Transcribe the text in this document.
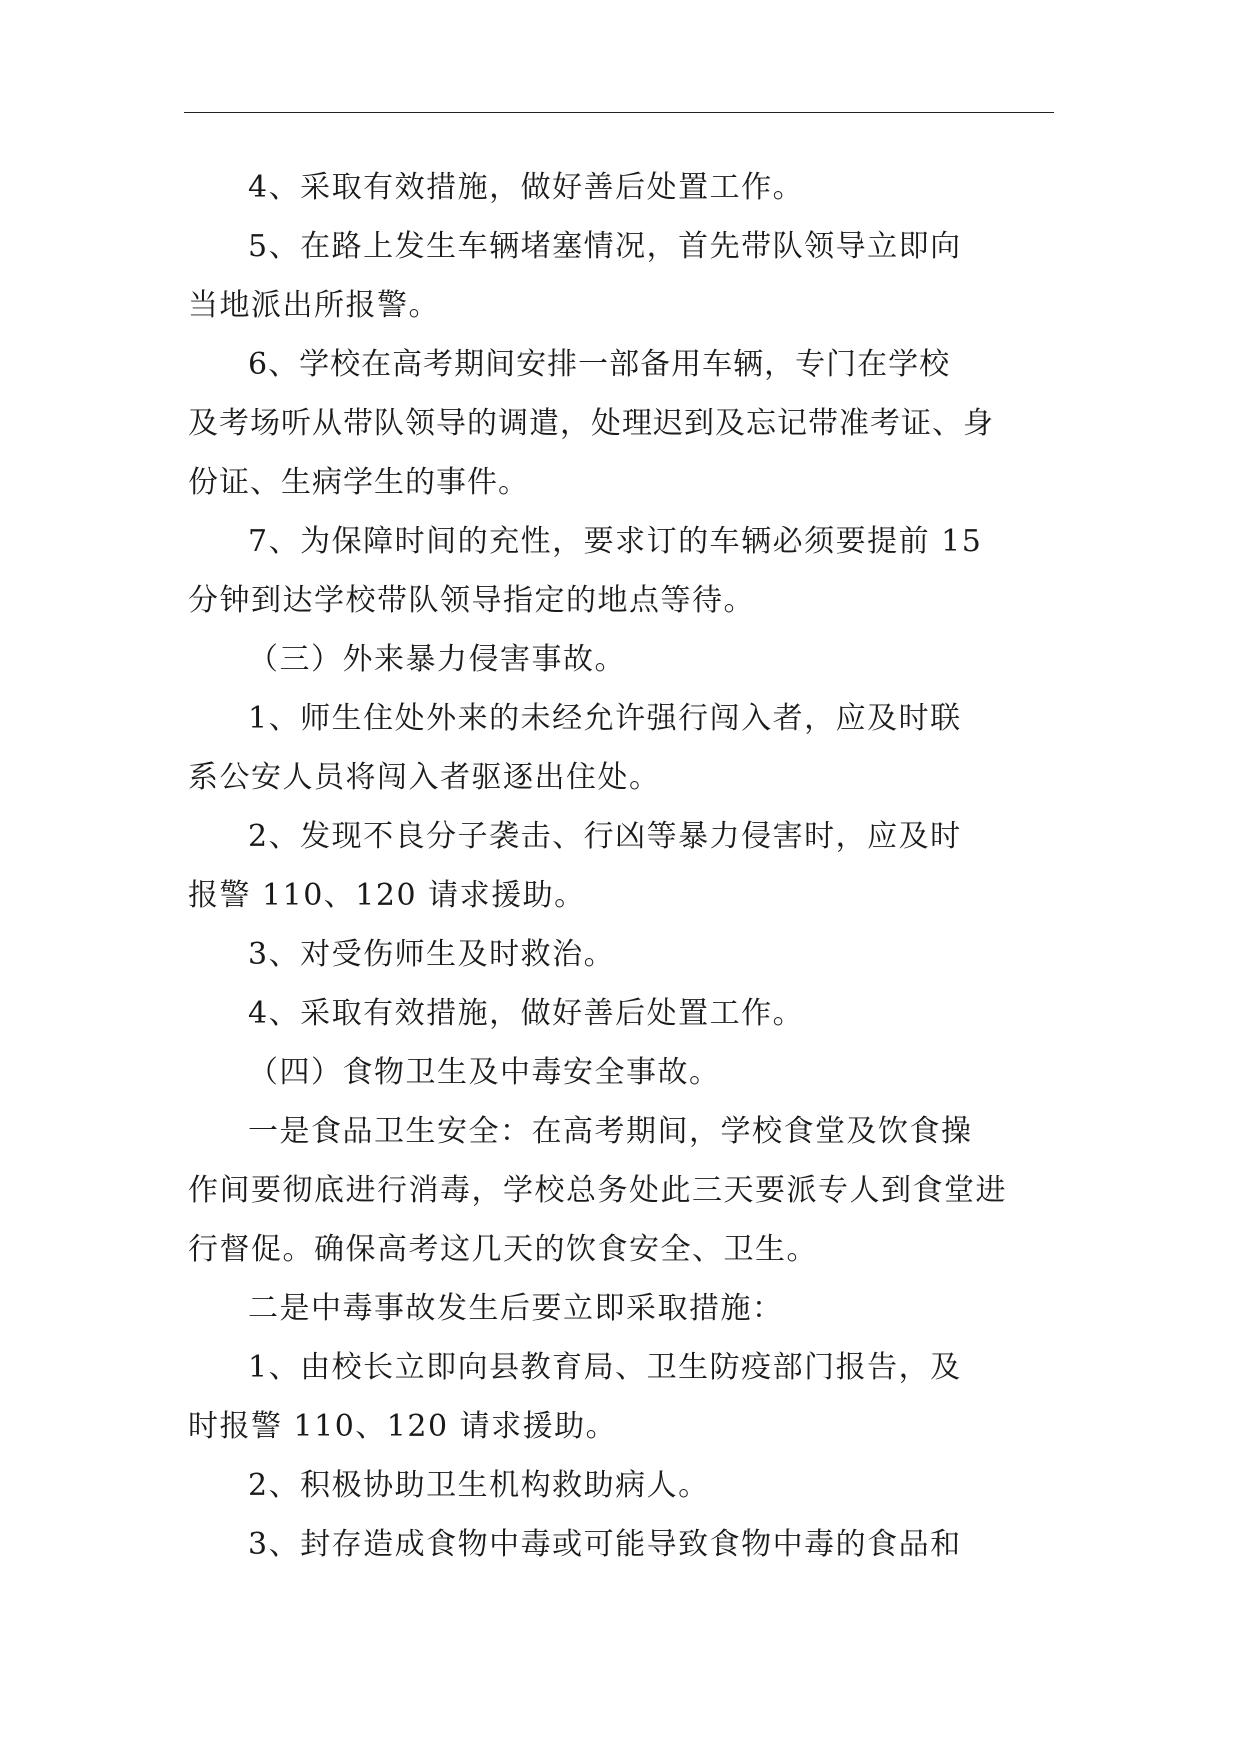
4、采取有效措施，做好善后处置工作。

5、在路上发生车辆堵塞情况，首先带队领导立即向
当地派出所报警。

6、学校在高考期间安排一部备用车辆，专门在学校
及考场听从带队领导的调遣，处理迟到及忘记带准考证、身
份证、生病学生的事件。

7、为保障时间的充性，要求订的车辆必须要提前 15
分钟到达学校带队领导指定的地点等待。

（三）外来暴力侵害事故。

1、师生住处外来的未经允许强行闯入者，应及时联
系公安人员将闯入者驱逐出住处。

2、发现不良分子袭击、行凶等暴力侵害时，应及时
报警 110、120 请求援助。

3、对受伤师生及时救治。

4、采取有效措施，做好善后处置工作。

（四）食物卫生及中毒安全事故。

一是食品卫生安全：在高考期间，学校食堂及饮食操
作间要彻底进行消毒，学校总务处此三天要派专人到食堂进
行督促。确保高考这几天的饮食安全、卫生。

二是中毒事故发生后要立即采取措施：

1、由校长立即向县教育局、卫生防疫部门报告，及
时报警 110、120 请求援助。

2、积极协助卫生机构救助病人。

3、封存造成食物中毒或可能导致食物中毒的食品和
